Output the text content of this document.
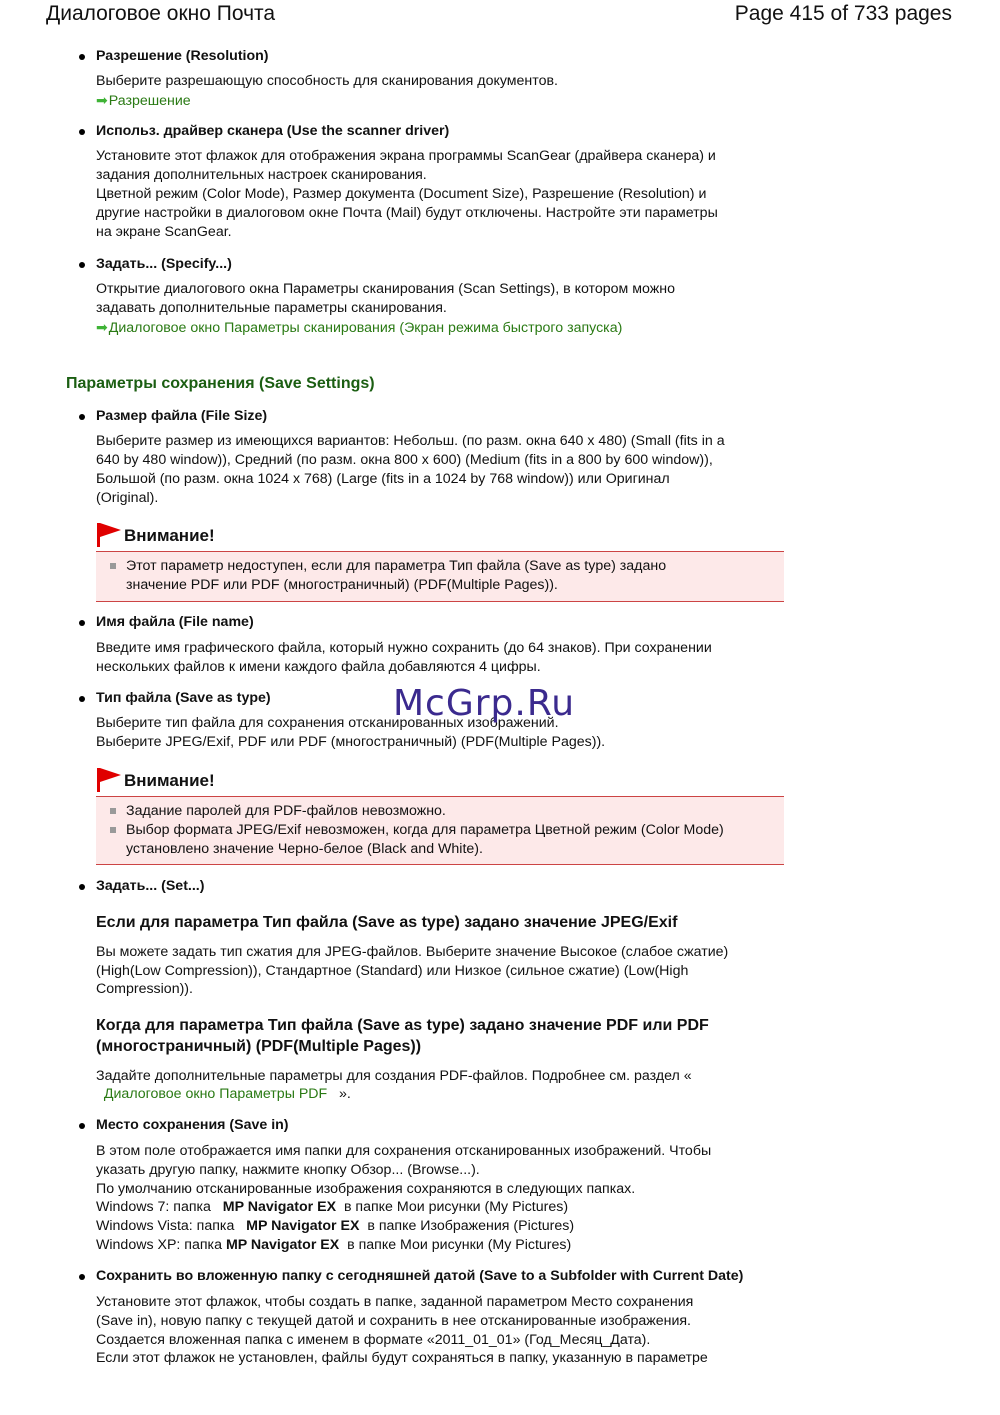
Диалоговое окно Почта	Page 415 of 733 pages
Разрешение (Resolution)
Выберите разрешающую способность для сканирования документов.
➡Разрешение
Использ. драйвер сканера (Use the scanner driver)
Установите этот флажок для отображения экрана программы ScanGear (драйвера сканера) и
задания дополнительных настроек сканирования.
Цветной режим (Color Mode), Размер документа (Document Size), Разрешение (Resolution) и
другие настройки в диалоговом окне Почта (Mail) будут отключены. Настройте эти параметры
на экране ScanGear.
Задать... (Specify...)
Открытие диалогового окна Параметры сканирования (Scan Settings), в котором можно
задавать дополнительные параметры сканирования.
➡Диалоговое окно Параметры сканирования (Экран режима быстрого запуска)
Параметры сохранения (Save Settings)
Размер файла (File Size)
Выберите размер из имеющихся вариантов: Небольш. (по разм. окна 640 x 480) (Small (fits in a
640 by 480 window)), Средний (по разм. окна 800 x 600) (Medium (fits in a 800 by 600 window)),
Большой (по разм. окна 1024 x 768) (Large (fits in a 1024 by 768 window)) или Оригинал
(Original).
Внимание!
Этот параметр недоступен, если для параметра Тип файла (Save as type) задано
значение PDF или PDF (многостраничный) (PDF(Multiple Pages)).
Имя файла (File name)
Введите имя графического файла, который нужно сохранить (до 64 знаков). При сохранении
нескольких файлов к имени каждого файла добавляются 4 цифры.
Тип файла (Save as type)
Выберите тип файла для сохранения отсканированных изображений.
Выберите JPEG/Exif, PDF или PDF (многостраничный) (PDF(Multiple Pages)).
McGrp.Ru
Внимание!
Задание паролей для PDF-файлов невозможно.
Выбор формата JPEG/Exif невозможен, когда для параметра Цветной режим (Color Mode)
установлено значение Черно-белое (Black and White).
Задать... (Set...)
Если для параметра Тип файла (Save as type) задано значение JPEG/Exif
Вы можете задать тип сжатия для JPEG-файлов. Выберите значение Высокое (слабое сжатие)
(High(Low Compression)), Стандартное (Standard) или Низкое (сильное сжатие) (Low(High
Compression)).
Когда для параметра Тип файла (Save as type) задано значение PDF или PDF
(многостраничный) (PDF(Multiple Pages))
Задайте дополнительные параметры для создания PDF-файлов. Подробнее см. раздел «
Диалоговое окно Параметры PDF ».
Место сохранения (Save in)
В этом поле отображается имя папки для сохранения отсканированных изображений. Чтобы
указать другую папку, нажмите кнопку Обзор... (Browse...).
По умолчанию отсканированные изображения сохраняются в следующих папках.
Windows 7: папка MP Navigator EX в папке Мои рисунки (My Pictures)
Windows Vista: папка MP Navigator EX в папке Изображения (Pictures)
Windows XP: папка MP Navigator EX в папке Мои рисунки (My Pictures)
Сохранить во вложенную папку с сегодняшней датой (Save to a Subfolder with Current Date)
Установите этот флажок, чтобы создать в папке, заданной параметром Место сохранения
(Save in), новую папку с текущей датой и сохранить в нее отсканированные изображения.
Создается вложенная папка с именем в формате «2011_01_01» (Год_Месяц_Дата).
Если этот флажок не установлен, файлы будут сохраняться в папку, указанную в параметре
